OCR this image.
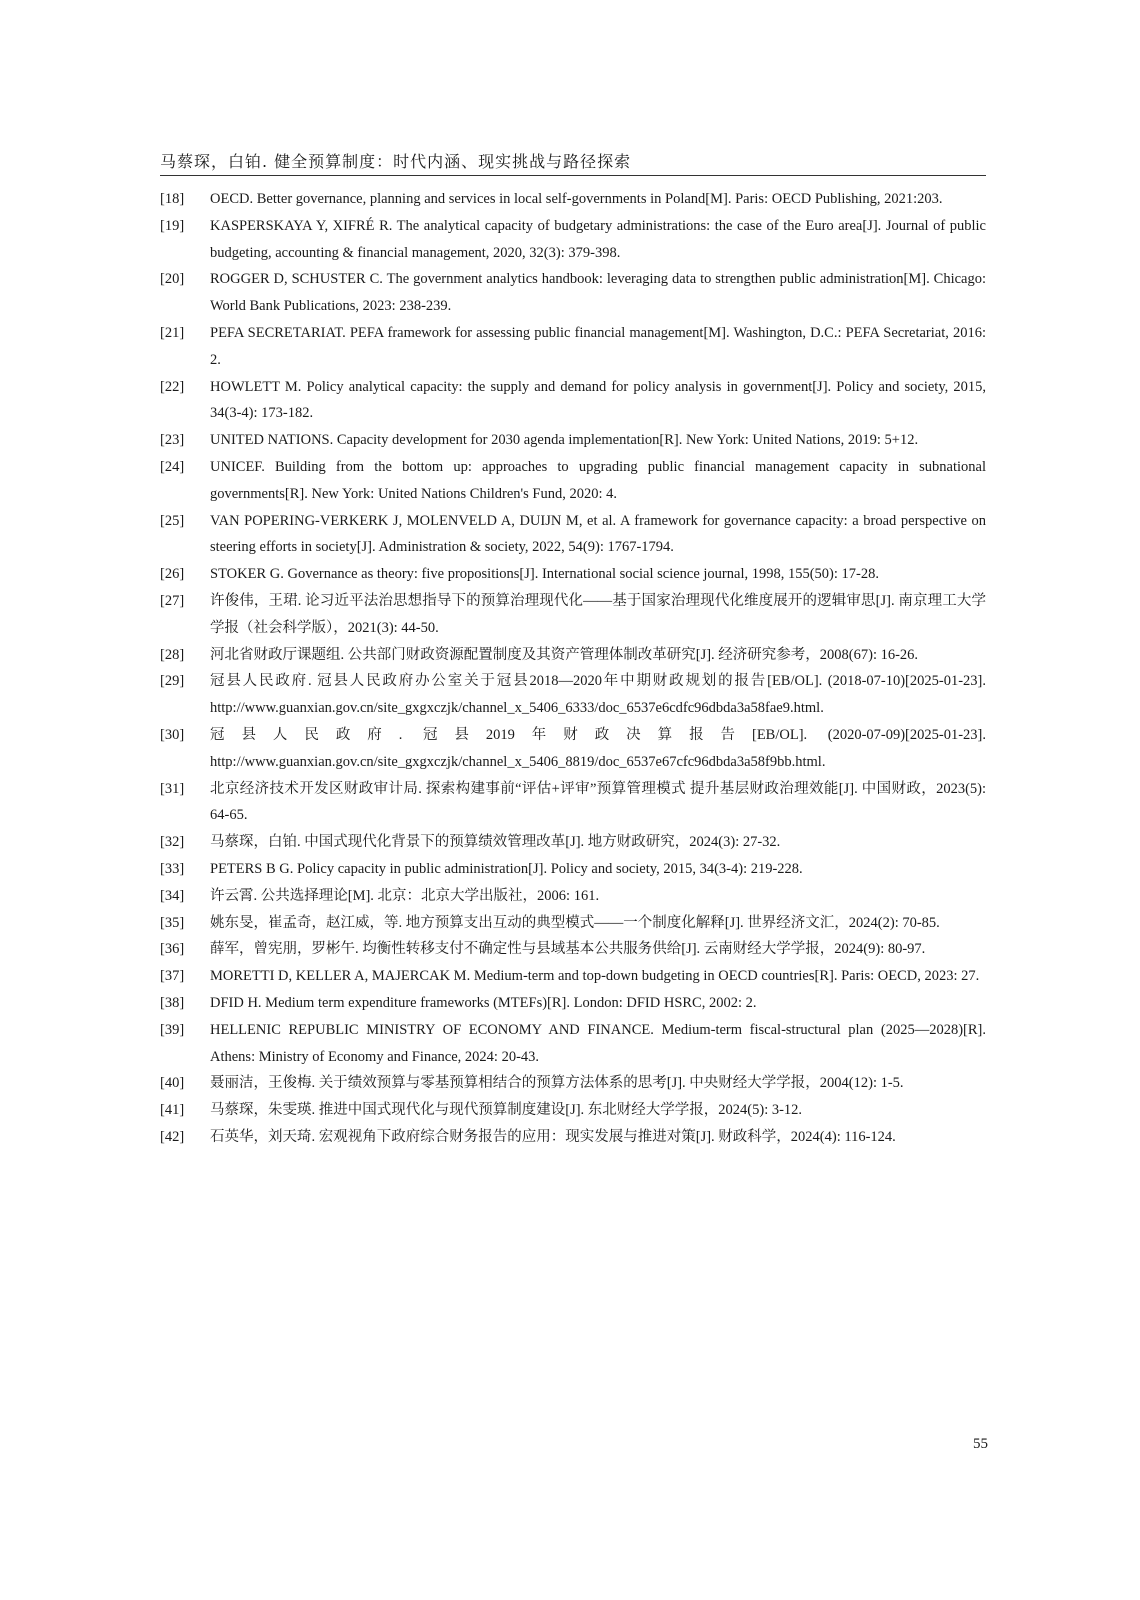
马蔡琛，白铂. 健全预算制度：时代内涵、现实挑战与路径探索
[18] OECD. Better governance, planning and services in local self-governments in Poland[M]. Paris: OECD Publishing, 2021:203.
[19] KASPERSKAYA Y, XIFRÉ R. The analytical capacity of budgetary administrations: the case of the Euro area[J]. Journal of public budgeting, accounting & financial management, 2020, 32(3): 379-398.
[20] ROGGER D, SCHUSTER C. The government analytics handbook: leveraging data to strengthen public administration[M]. Chicago: World Bank Publications, 2023: 238-239.
[21] PEFA SECRETARIAT. PEFA framework for assessing public financial management[M]. Washington, D.C.: PEFA Secretariat, 2016: 2.
[22] HOWLETT M. Policy analytical capacity: the supply and demand for policy analysis in government[J]. Policy and society, 2015, 34(3-4): 173-182.
[23] UNITED NATIONS. Capacity development for 2030 agenda implementation[R]. New York: United Nations, 2019: 5+12.
[24] UNICEF. Building from the bottom up: approaches to upgrading public financial management capacity in subnational governments[R]. New York: United Nations Children's Fund, 2020: 4.
[25] VAN POPERING-VERKERK J, MOLENVELD A, DUIJN M, et al. A framework for governance capacity: a broad perspective on steering efforts in society[J]. Administration & society, 2022, 54(9): 1767-1794.
[26] STOKER G. Governance as theory: five propositions[J]. International social science journal, 1998, 155(50): 17-28.
[27] 许俊伟，王珺. 论习近平法治思想指导下的预算治理现代化——基于国家治理现代化维度展开的逻辑审思[J]. 南京理工大学学报（社会科学版），2021(3): 44-50.
[28] 河北省财政厅课题组. 公共部门财政资源配置制度及其资产管理体制改革研究[J]. 经济研究参考，2008(67): 16-26.
[29] 冠县人民政府. 冠县人民政府办公室关于冠县2018—2020年中期财政规划的报告[EB/OL]. (2018-07-10)[2025-01-23]. http://www.guanxian.gov.cn/site_gxgxczjk/channel_x_5406_6333/doc_6537e6cdfc96dbda3a58fae9.html.
[30] 冠县人民政府. 冠县2019年财政决算报告[EB/OL]. (2020-07-09)[2025-01-23]. http://www.guanxian.gov.cn/site_gxgxczjk/channel_x_5406_8819/doc_6537e67cfc96dbda3a58f9bb.html.
[31] 北京经济技术开发区财政审计局. 探索构建事前“评估+评审”预算管理模式 提升基层财政治理效能[J]. 中国财政，2023(5): 64-65.
[32] 马蔡琛，白铂. 中国式现代化背景下的预算绩效管理改革[J]. 地方财政研究，2024(3): 27-32.
[33] PETERS B G. Policy capacity in public administration[J]. Policy and society, 2015, 34(3-4): 219-228.
[34] 许云霄. 公共选择理论[M]. 北京：北京大学出版社，2006: 161.
[35] 姚东旻，崔孟奇，赵江威，等. 地方预算支出互动的典型模式——一个制度化解释[J]. 世界经济文汇，2024(2): 70-85.
[36] 薛军，曾宪朋，罗彬午. 均衡性转移支付不确定性与县域基本公共服务供给[J]. 云南财经大学学报，2024(9): 80-97.
[37] MORETTI D, KELLER A, MAJERCAK M. Medium-term and top-down budgeting in OECD countries[R]. Paris: OECD, 2023: 27.
[38] DFID H. Medium term expenditure frameworks (MTEFs)[R]. London: DFID HSRC, 2002: 2.
[39] HELLENIC REPUBLIC MINISTRY OF ECONOMY AND FINANCE. Medium-term fiscal-structural plan (2025—2028)[R]. Athens: Ministry of Economy and Finance, 2024: 20-43.
[40] 聂丽洁，王俊梅. 关于绩效预算与零基预算相结合的预算方法体系的思考[J]. 中央财经大学学报，2004(12): 1-5.
[41] 马蔡琛，朱雯瑛. 推进中国式现代化与现代预算制度建设[J]. 东北财经大学学报，2024(5): 3-12.
[42] 石英华，刘天琦. 宏观视角下政府综合财务报告的应用：现实发展与推进对策[J]. 财政科学，2024(4): 116-124.
55
